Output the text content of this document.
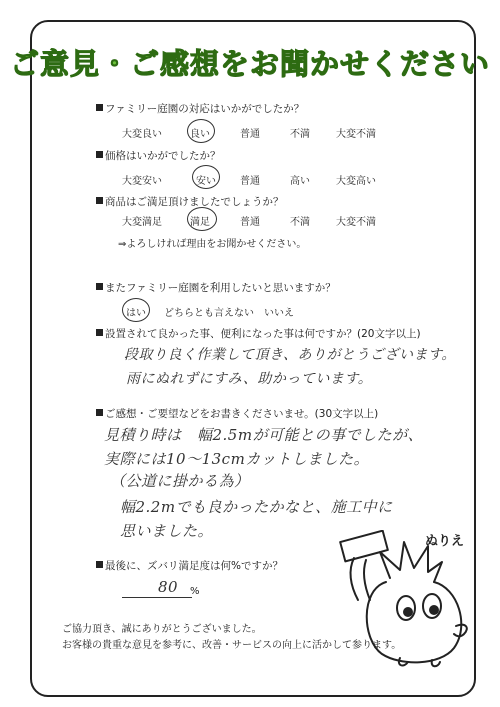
ご意見・ご感想をお聞かせください
ファミリー庭園の対応はいかがでしたか？
大変良い	良い	普通	不満	大変不満
価格はいかがでしたか？
大変安い	安い 普通	高い	大変高い
商品はご満足頂けましたでしょうか？
大変満足	満足	普通	不満	大変不満
⇒よろしければ理由をお聞かせください。
またファミリー庭園を利用したいと思いますか？
はい どちらとも言えない いいえ
設置されて良かった事、便利になった事は何ですか？(20文字以上)
段取り良く作業して頂き、ありがとうございます。
雨にぬれずにすみ、助かっています。
ご感想・ご要望などをお書きくださいませ。(30文字以上)
見積り時は　幅2.5mが可能との事でしたが、
実際には10～13cmカットしました。
（公道に掛かる為）
幅2.2mでも良かったかなと、施工中に
思いました。
最後に、ズバリ満足度は何%ですか？
80 %
ご協力頂き、誠にありがとうございました。
お客様の貴重な意見を参考に、改善・サービスの向上に活かして参ります。
ぬりえ
